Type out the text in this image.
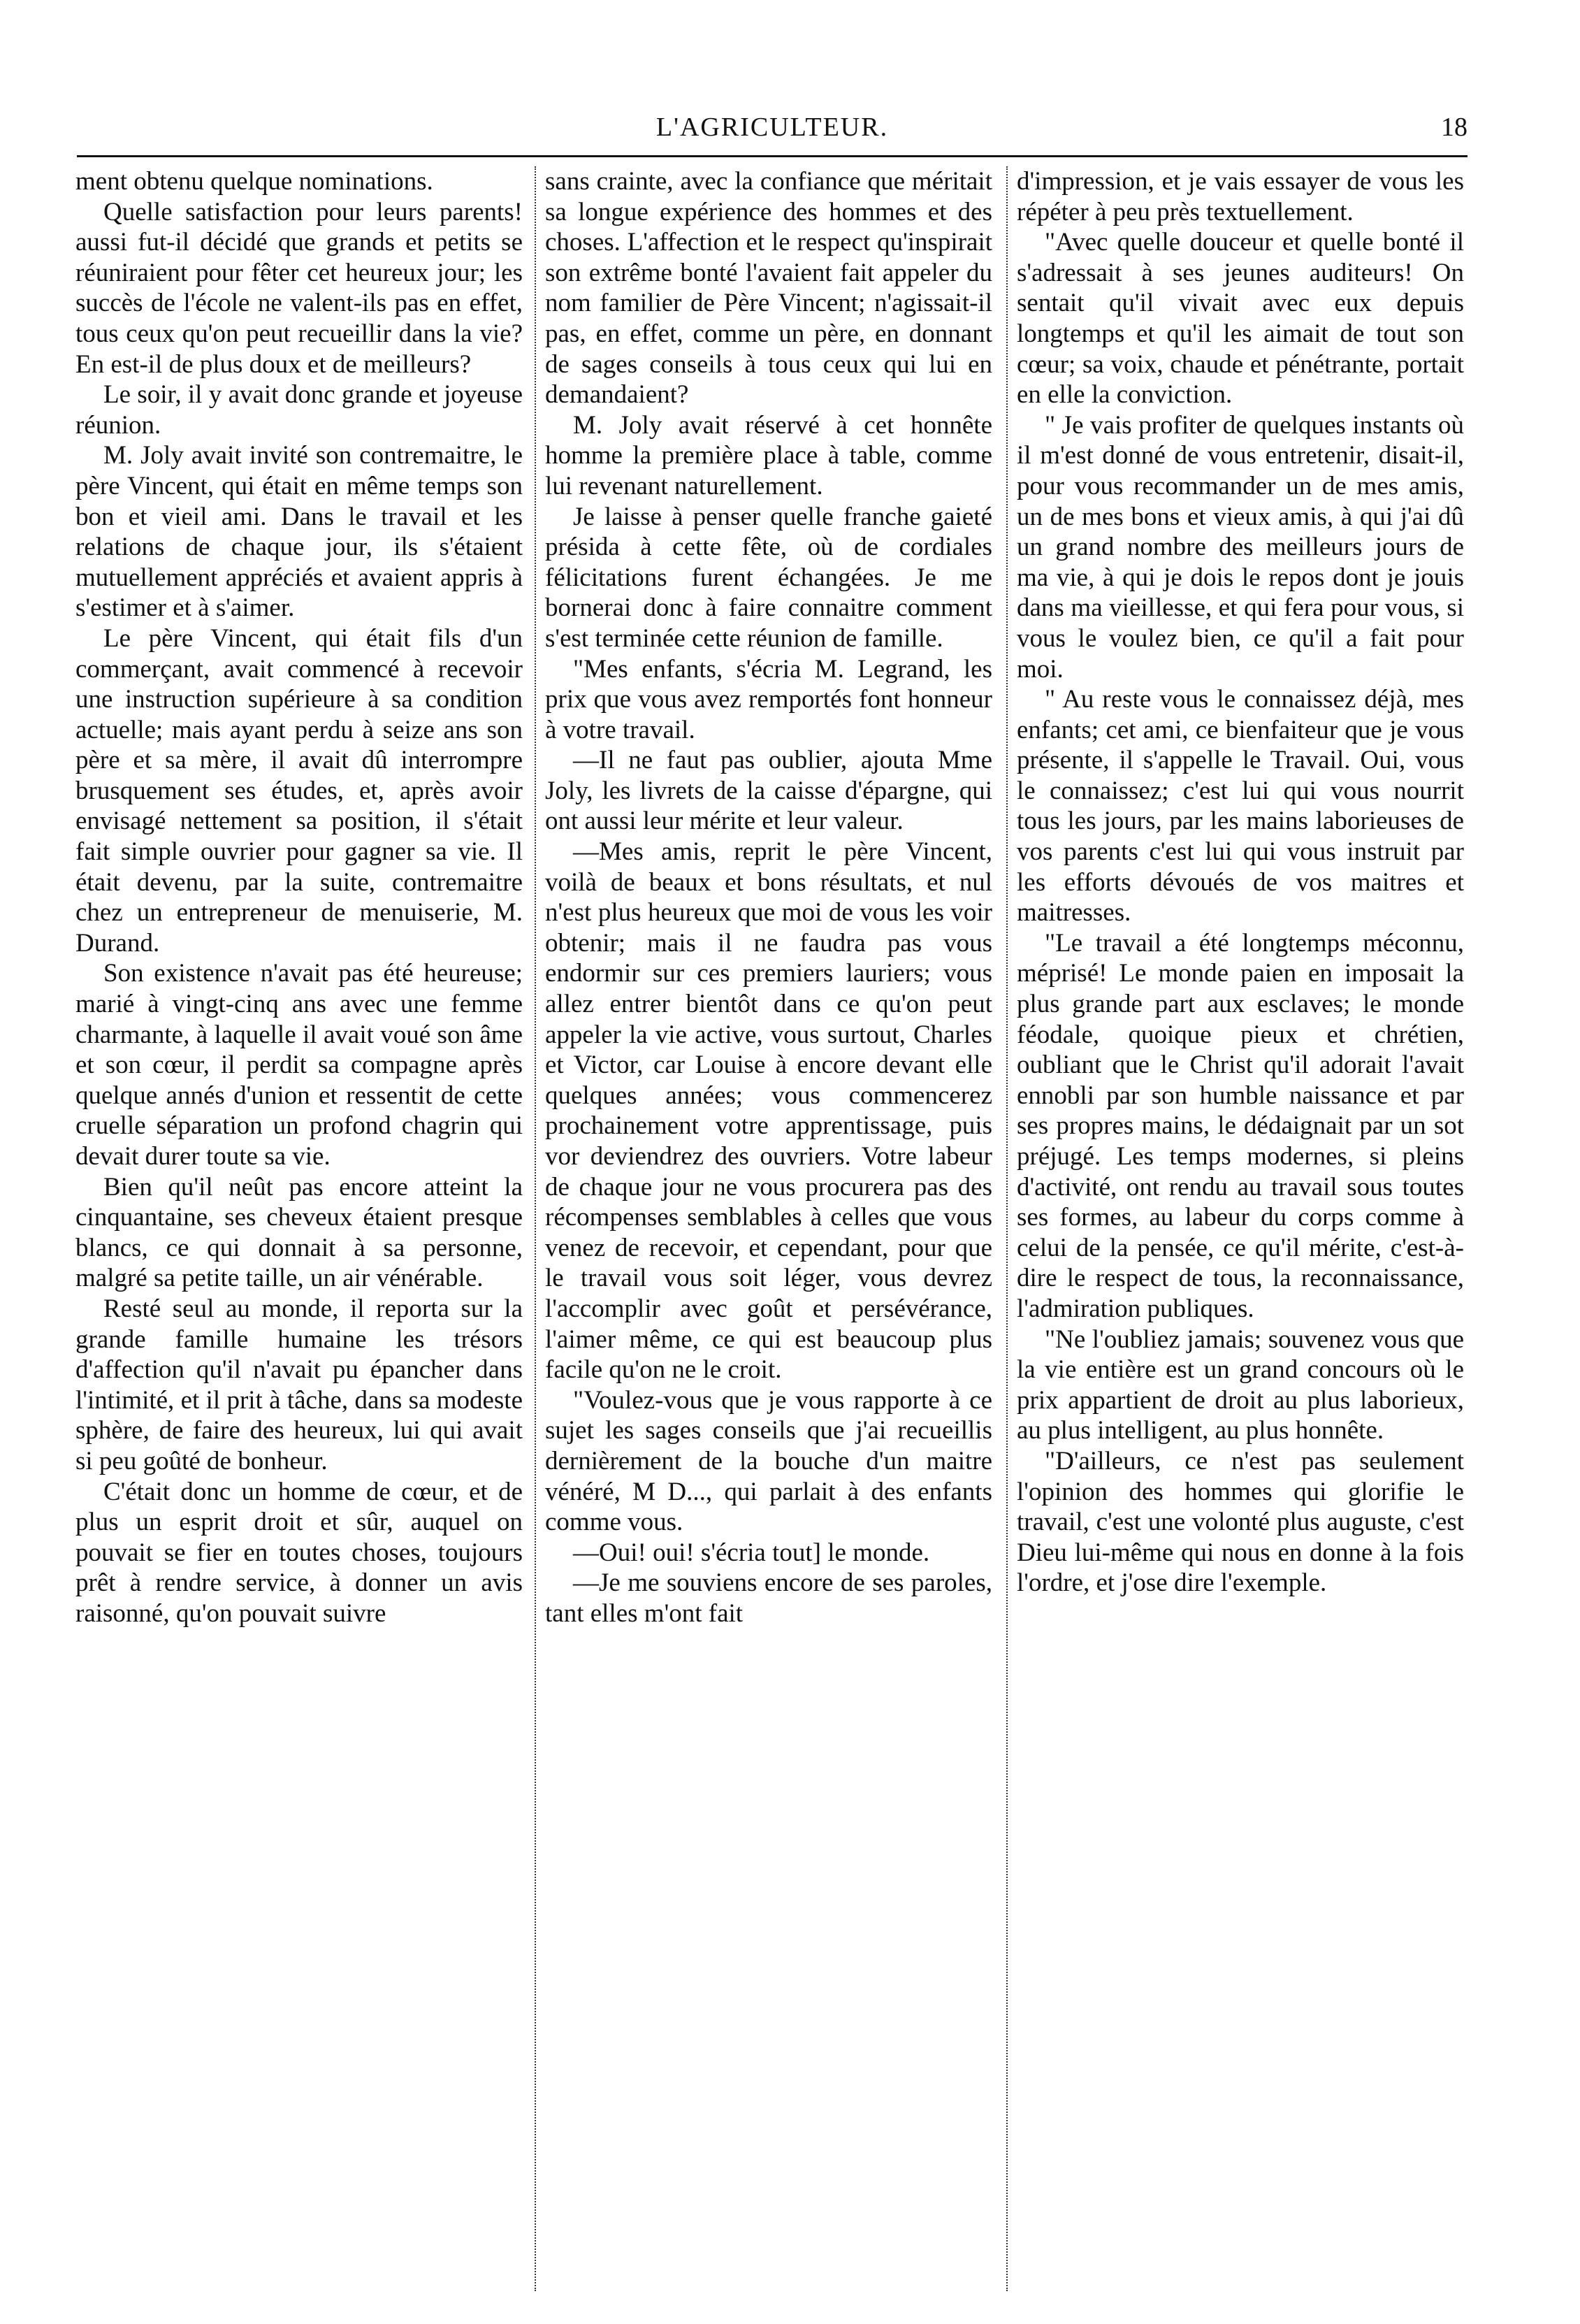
L'AGRICULTEUR.	18

ment obtenu quelque nominations.

Quelle satisfaction pour leurs parents! aussi fut-il décidé que grands et petits se réuniraient pour fêter cet heureux jour; les succès de l'école ne valent-ils pas en effet, tous ceux qu'on peut recueillir dans la vie? En est-il de plus doux et de meilleurs?

Le soir, il y avait donc grande et joyeuse réunion.

M. Joly avait invité son contremaitre, le père Vincent, qui était en même temps son bon et vieil ami. Dans le travail et les relations de chaque jour, ils s'étaient mutuellement appréciés et avaient appris à s'estimer et à s'aimer.

Le père Vincent, qui était fils d'un commerçant, avait commencé à recevoir une instruction supérieure à sa condition actuelle; mais ayant perdu à seize ans son père et sa mère, il avait dû interrompre brusquement ses études, et, après avoir envisagé nettement sa position, il s'était fait simple ouvrier pour gagner sa vie. Il était devenu, par la suite, contremaitre chez un entrepreneur de menuiserie, M. Durand.

Son existence n'avait pas été heureuse; marié à vingt-cinq ans avec une femme charmante, à laquelle il avait voué son âme et son cœur, il perdit sa compagne après quelque annés d'union et ressentit de cette cruelle séparation un profond chagrin qui devait durer toute sa vie.

Bien qu'il neût pas encore atteint la cinquantaine, ses cheveux étaient presque blancs, ce qui donnait à sa personne, malgré sa petite taille, un air vénérable.

Resté seul au monde, il reporta sur la grande famille humaine les trésors d'affection qu'il n'avait pu épancher dans l'intimité, et il prit à tâche, dans sa modeste sphère, de faire des heureux, lui qui avait si peu goûté de bonheur.

C'était donc un homme de cœur, et de plus un esprit droit et sûr, auquel on pouvait se fier en toutes choses, toujours prêt à rendre service, à donner un avis raisonné, qu'on pouvait suivre

sans crainte, avec la confiance que méritait sa longue expérience des hommes et des choses. L'affection et le respect qu'inspirait son extrême bonté l'avaient fait appeler du nom familier de Père Vincent; n'agissait-il pas, en effet, comme un père, en donnant de sages conseils à tous ceux qui lui en demandaient?

M. Joly avait réservé à cet honnête homme la première place à table, comme lui revenant naturellement.

Je laisse à penser quelle franche gaieté présida à cette fête, où de cordiales félicitations furent échangées. Je me bornerai donc à faire connaitre comment s'est terminée cette réunion de famille.

"Mes enfants, s'écria M. Legrand, les prix que vous avez remportés font honneur à votre travail.

—Il ne faut pas oublier, ajouta Mme Joly, les livrets de la caisse d'épargne, qui ont aussi leur mérite et leur valeur.

—Mes amis, reprit le père Vincent, voilà de beaux et bons résultats, et nul n'est plus heureux que moi de vous les voir obtenir; mais il ne faudra pas vous endormir sur ces premiers lauriers; vous allez entrer bientôt dans ce qu'on peut appeler la vie active, vous surtout, Charles et Victor, car Louise à encore devant elle quelques années; vous commencerez prochainement votre apprentissage, puis vor deviendrez des ouvriers. Votre labeur de chaque jour ne vous procurera pas des récompenses semblables à celles que vous venez de recevoir, et cependant, pour que le travail vous soit léger, vous devrez l'accomplir avec goût et persévérance, l'aimer même, ce qui est beaucoup plus facile qu'on ne le croit.

"Voulez-vous que je vous rapporte à ce sujet les sages conseils que j'ai recueillis dernièrement de la bouche d'un maitre vénéré, M D..., qui parlait à des enfants comme vous.

—Oui! oui! s'écria tout] le monde.

—Je me souviens encore de ses paroles, tant elles m'ont fait

d'impression, et je vais essayer de vous les répéter à peu près textuellement.

"Avec quelle douceur et quelle bonté il s'adressait à ses jeunes auditeurs! On sentait qu'il vivait avec eux depuis longtemps et qu'il les aimait de tout son cœur; sa voix, chaude et pénétrante, portait en elle la conviction.

" Je vais profiter de quelques instants où il m'est donné de vous entretenir, disait-il, pour vous recommander un de mes amis, un de mes bons et vieux amis, à qui j'ai dû un grand nombre des meilleurs jours de ma vie, à qui je dois le repos dont je jouis dans ma vieillesse, et qui fera pour vous, si vous le voulez bien, ce qu'il a fait pour moi.

" Au reste vous le connaissez déjà, mes enfants; cet ami, ce bienfaiteur que je vous présente, il s'appelle le Travail. Oui, vous le connaissez; c'est lui qui vous nourrit tous les jours, par les mains laborieuses de vos parents c'est lui qui vous instruit par les efforts dévoués de vos maitres et maitresses.

"Le travail a été longtemps méconnu, méprisé! Le monde paien en imposait la plus grande part aux esclaves; le monde féodale, quoique pieux et chrétien, oubliant que le Christ qu'il adorait l'avait ennobli par son humble naissance et par ses propres mains, le dédaignait par un sot préjugé. Les temps modernes, si pleins d'activité, ont rendu au travail sous toutes ses formes, au labeur du corps comme à celui de la pensée, ce qu'il mérite, c'est-à-dire le respect de tous, la reconnaissance, l'admiration publiques.

"Ne l'oubliez jamais; souvenez vous que la vie entière est un grand concours où le prix appartient de droit au plus laborieux, au plus intelligent, au plus honnête.

"D'ailleurs, ce n'est pas seulement l'opinion des hommes qui glorifie le travail, c'est une volonté plus auguste, c'est Dieu lui-même qui nous en donne à la fois l'ordre, et j'ose dire l'exemple.
